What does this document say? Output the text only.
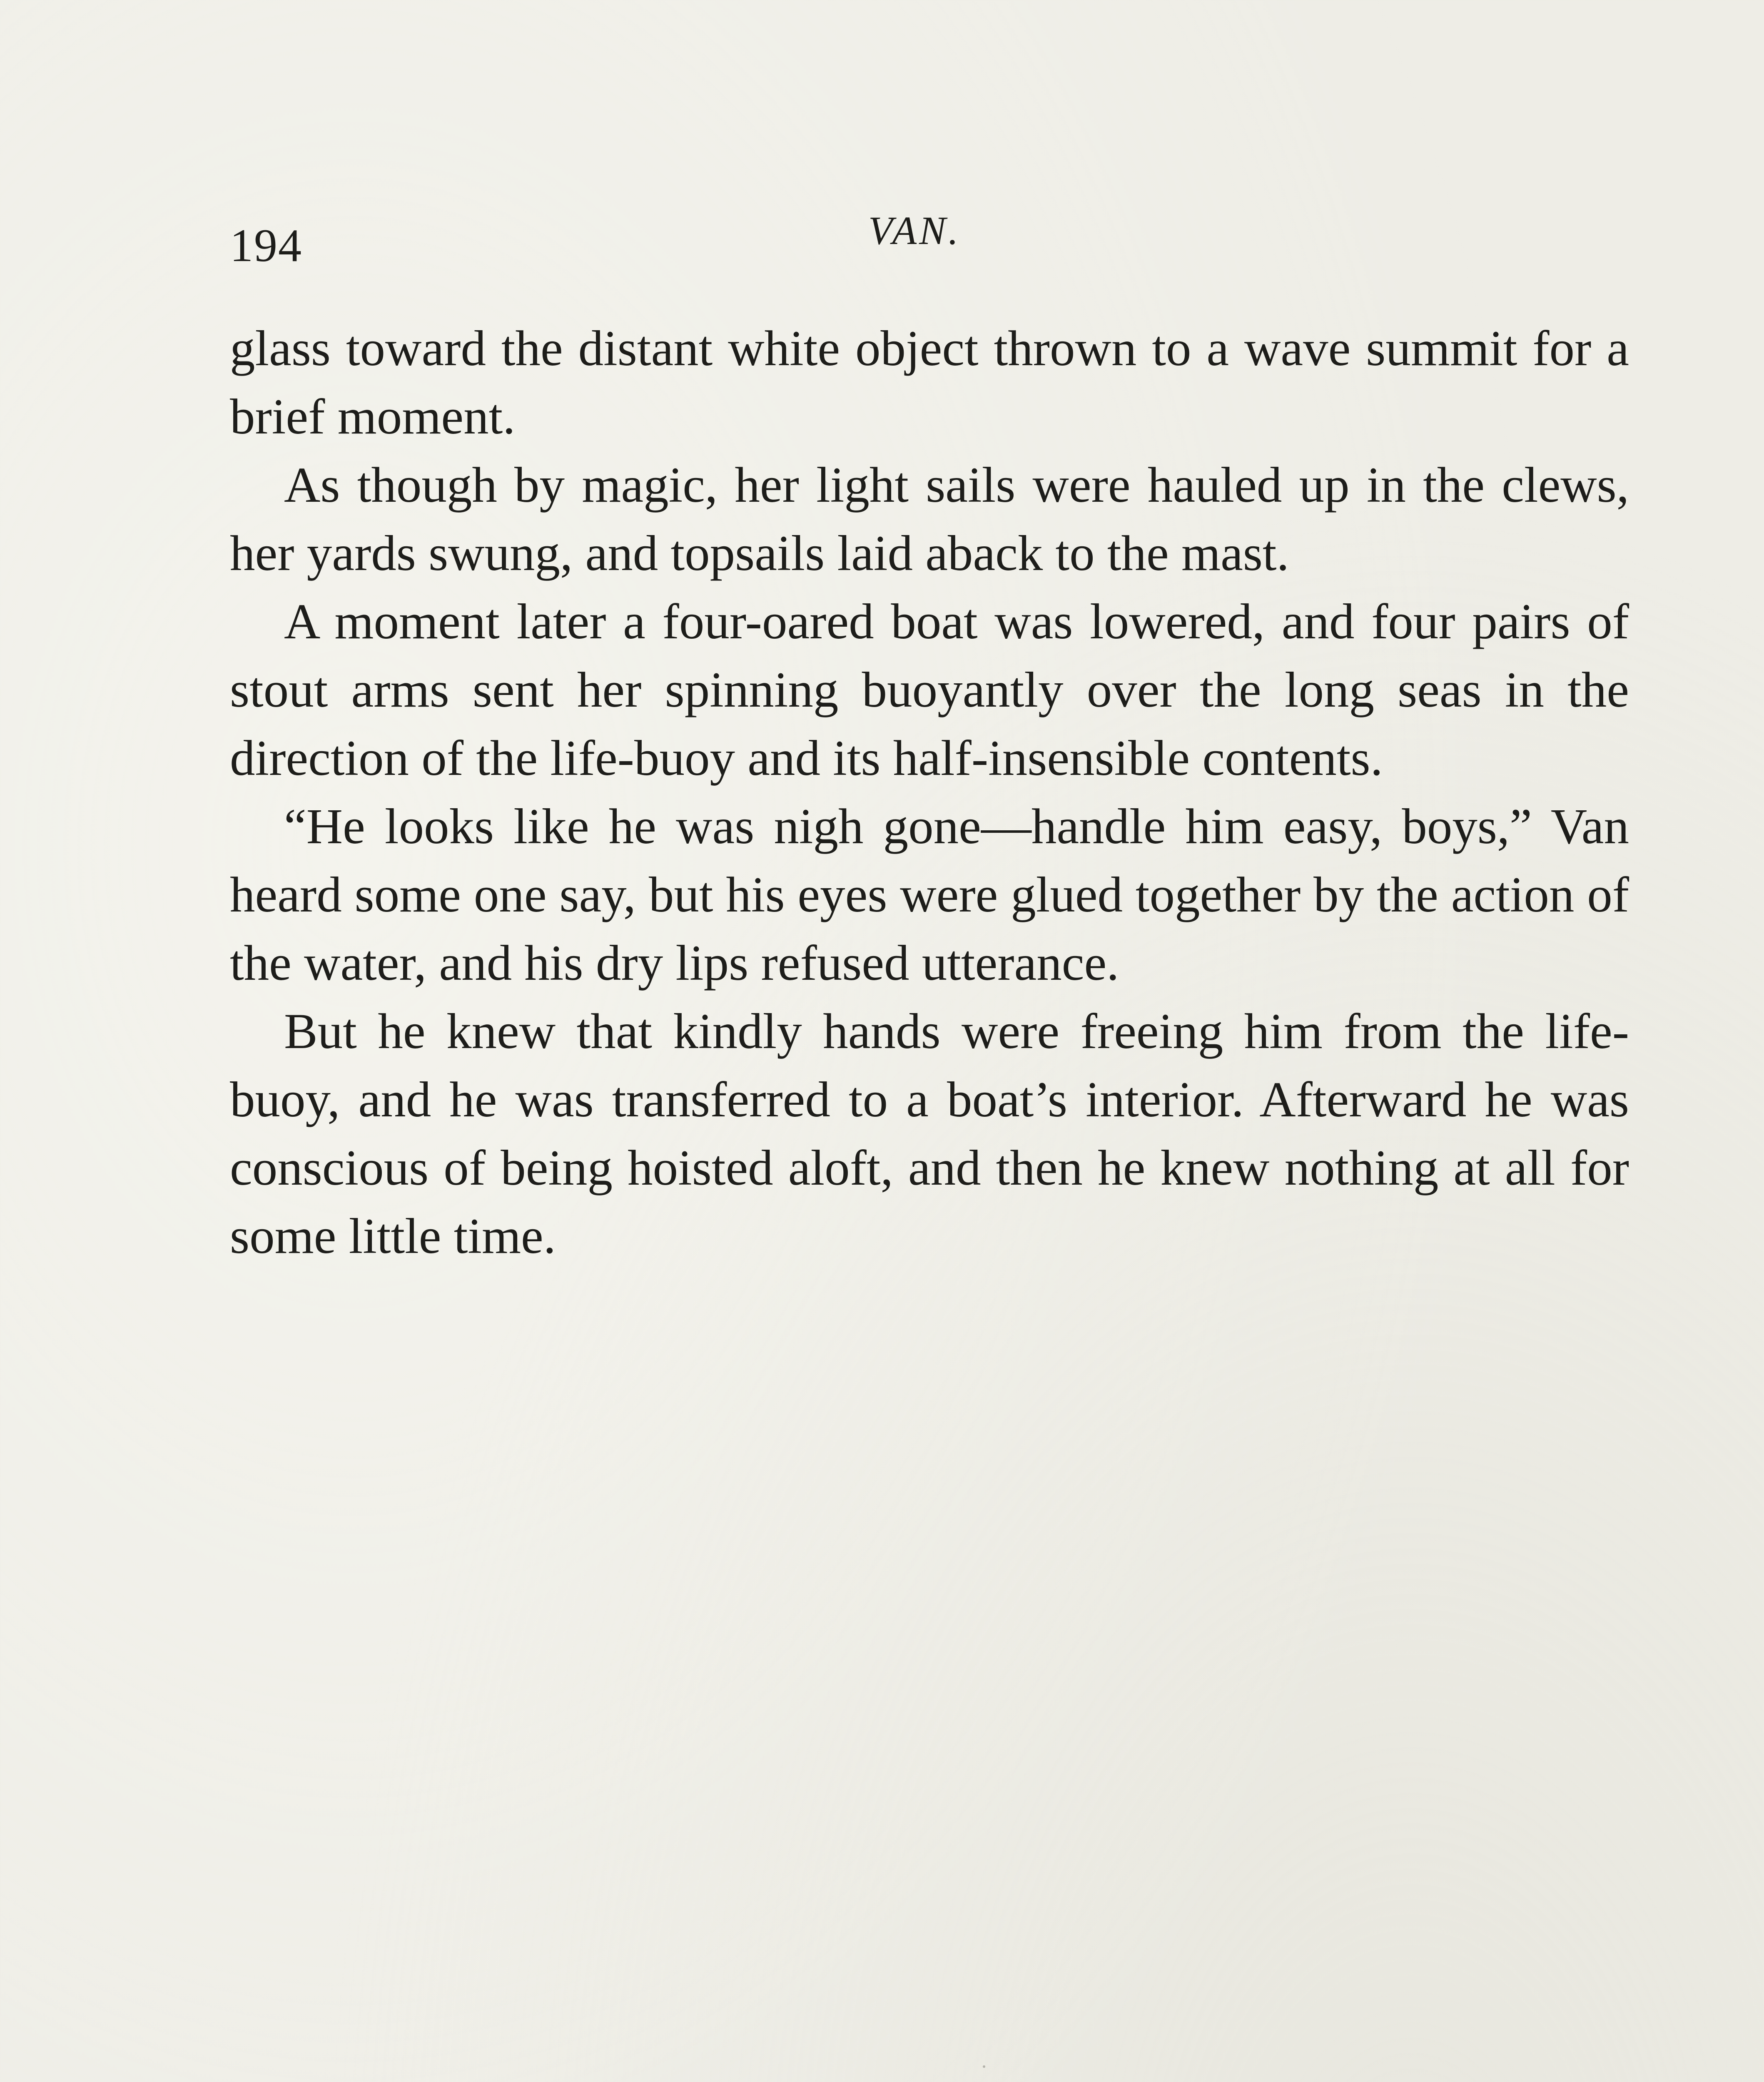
194	VAN.

glass toward the distant white object thrown to a wave summit for a brief moment.

As though by magic, her light sails were hauled up in the clews, her yards swung, and topsails laid aback to the mast.

A moment later a four-oared boat was lowered, and four pairs of stout arms sent her spinning buoyantly over the long seas in the direction of the life-buoy and its half-insensible contents.

“He looks like he was nigh gone—handle him easy, boys,” Van heard some one say, but his eyes were glued together by the action of the water, and his dry lips refused utterance.

But he knew that kindly hands were freeing him from the life-buoy, and he was transferred to a boat’s interior. Afterward he was conscious of being hoisted aloft, and then he knew nothing at all for some little time.
